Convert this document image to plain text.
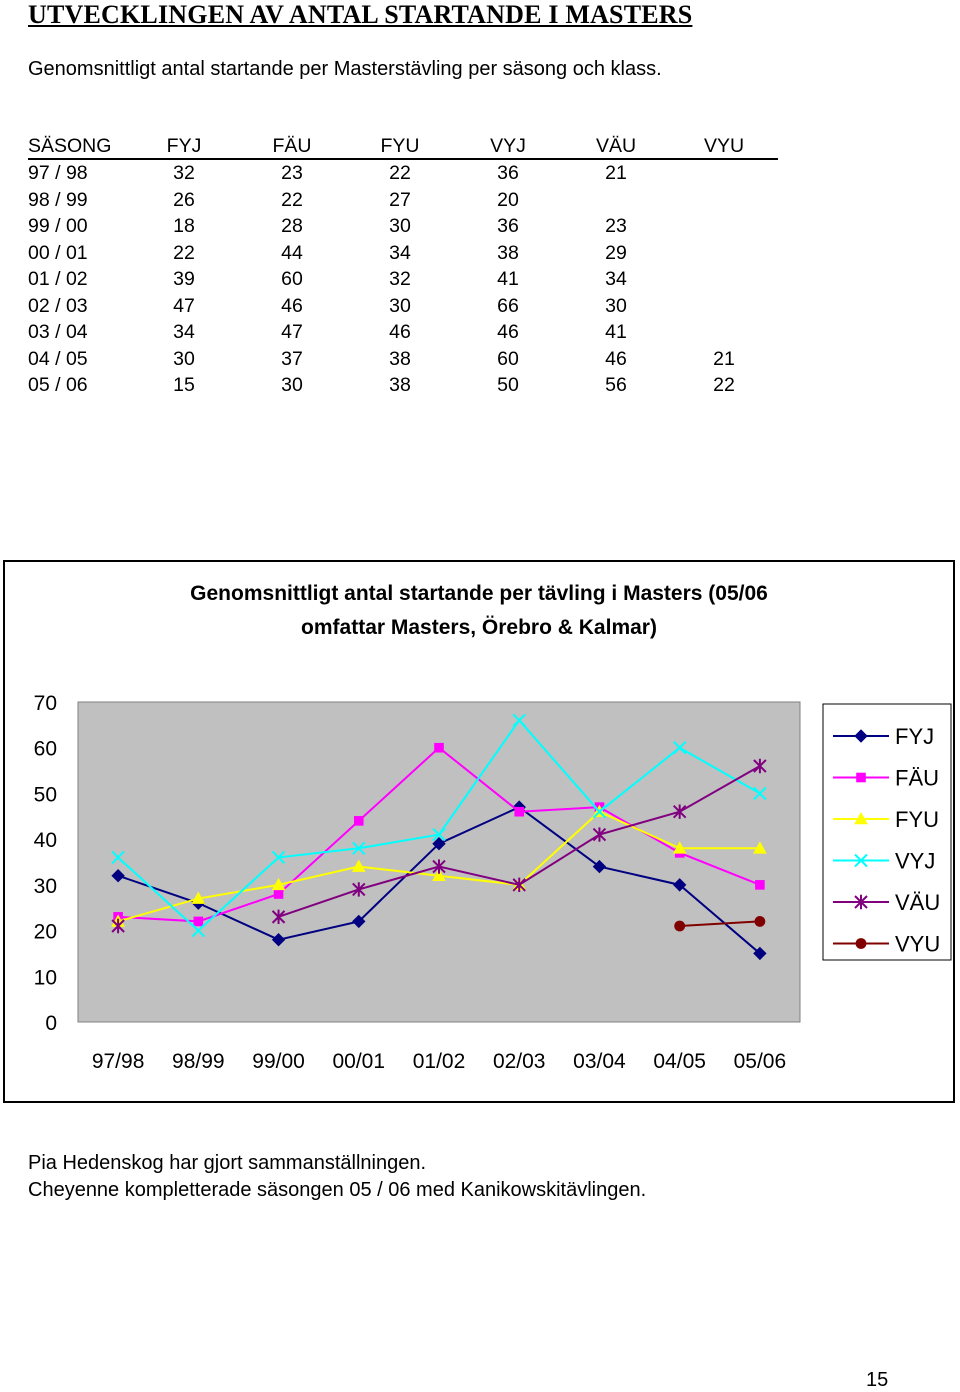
UTVECKLINGEN AV ANTAL STARTANDE I MASTERS
Genomsnittligt antal startande per Masterstävling per säsong och klass.
SÄSONG	FYJ	FÄU	FYU	VYJ	VÄU	VYU
97 / 98	32	23	22	36	21	
98 / 99	26	22	27	20		
99 / 00	18	28	30	36	23	
00 / 01	22	44	34	38	29	
01 / 02	39	60	32	41	34	
02 / 03	47	46	30	66	30	
03 / 04	34	47	46	46	41	
04 / 05	30	37	38	60	46	21
05 / 06	15	30	38	50	56	22
Genomsnittligt antal startande per tävling i Masters (05/06
omfattar Masters, Örebro & Kalmar)
0
10
20
30
40
50
60
70
97/98 98/99 99/00 00/01 01/02 02/03 03/04 04/05 05/06
FYJ
FÄU
FYU
VYJ
VÄU
VYU
Pia Hedenskog har gjort sammanställningen.
Cheyenne kompletterade säsongen 05 / 06 med Kanikowskitävlingen.
15
